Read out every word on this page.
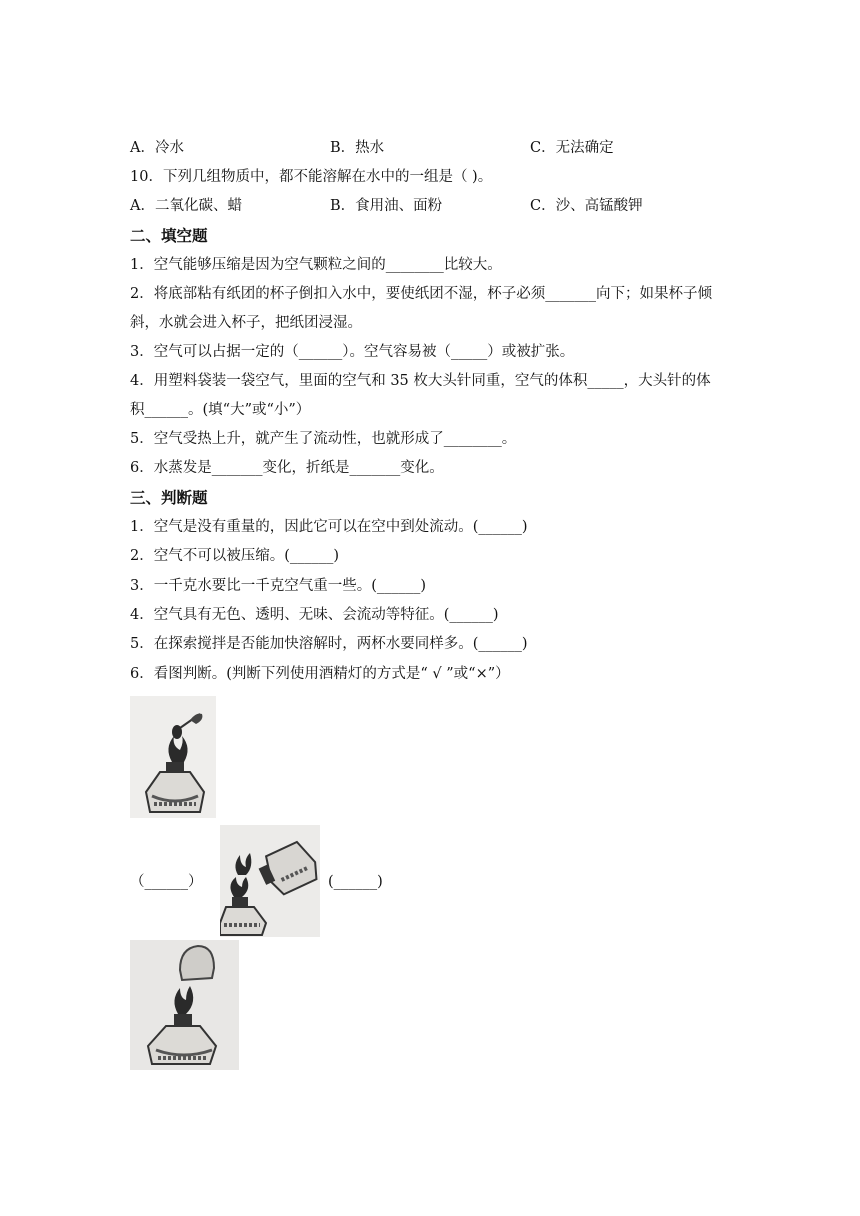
A．冷水	B．热水	C．无法确定
10．下列几组物质中，都不能溶解在水中的一组是（ )。
A．二氧化碳、蜡	B．食用油、面粉	C．沙、高锰酸钾
二、填空题
1．空气能够压缩是因为空气颗粒之间的________比较大。
2．将底部粘有纸团的杯子倒扣入水中，要使纸团不湿，杯子必须_______向下；如果杯子倾
斜，水就会进入杯子，把纸团浸湿。
3．空气可以占据一定的（______）。空气容易被（_____）或被扩张。
4．用塑料袋装一袋空气，里面的空气和 35 枚大头针同重，空气的体积_____，大头针的体
积______。(填“大”或“小”）
5．空气受热上升，就产生了流动性，也就形成了________。
6．水蒸发是_______变化，折纸是_______变化。
三、判断题
1．空气是没有重量的，因此它可以在空中到处流动。(______)
2．空气不可以被压缩。(______)
3．一千克水要比一千克空气重一些。(______)
4．空气具有无色、透明、无味、会流动等特征。(______)
5．在探索搅拌是否能加快溶解时，两杯水要同样多。(______)
6．看图判断。(判断下列使用酒精灯的方式是“ √ ”或“×”）
（______）	(______)
